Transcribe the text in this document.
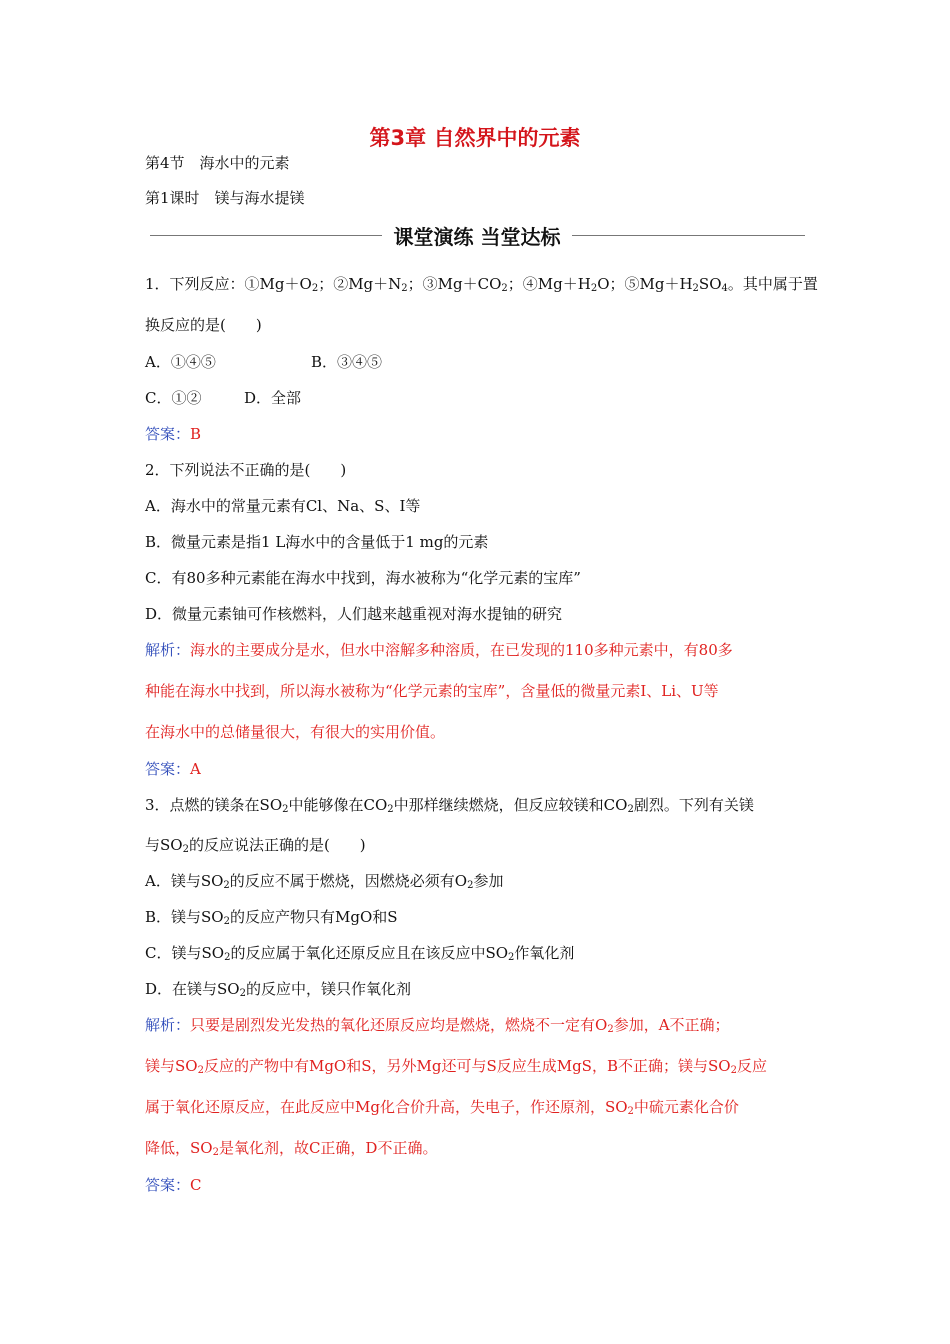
第3章 自然界中的元素
第4节　海水中的元素
第1课时　镁与海水提镁
课堂演练 当堂达标
1．下列反应：$①Mg+O_2$；$②Mg+N_2$；$③Mg+CO_2$；$④Mg+H_2O$；$⑤Mg+H_2SO_4$。其中属于置
换反应的是(　　)
A．①④⑤	B．③④⑤
C．①②	D．全部
答案：B
2．下列说法不正确的是(　　)
A．海水中的常量元素有Cl、Na、S、I等
B．微量元素是指1 L海水中的含量低于1 mg的元素
C．有80多种元素能在海水中找到，海水被称为“化学元素的宝库”
D．微量元素铀可作核燃料，人们越来越重视对海水提铀的研究
解析：海水的主要成分是水，但水中溶解多种溶质，在已发现的110多种元素中，有80多
种能在海水中找到，所以海水被称为“化学元素的宝库”，含量低的微量元素I、Li、U等
在海水中的总储量很大，有很大的实用价值。
答案：A
3．点燃的镁条在$SO_2$中能够像在$CO_2$中那样继续燃烧，但反应较镁和$CO_2$剧烈。下列有关镁
与$SO_2$的反应说法正确的是(　　)
A．镁与$SO_2$的反应不属于燃烧，因燃烧必须有$O_2$参加
B．镁与$SO_2$的反应产物只有MgO和S
C．镁与$SO_2$的反应属于氧化还原反应且在该反应中$SO_2$作氧化剂
D．在镁与$SO_2$的反应中，镁只作氧化剂
解析：只要是剧烈发光发热的氧化还原反应均是燃烧，燃烧不一定有$O_2$参加，A不正确；
镁与$SO_2$反应的产物中有MgO和S，另外Mg还可与S反应生成MgS，B不正确；镁与$SO_2$反应
属于氧化还原反应，在此反应中Mg化合价升高，失电子，作还原剂，$SO_2$中硫元素化合价
降低，$SO_2$是氧化剂，故C正确，D不正确。
答案：C
